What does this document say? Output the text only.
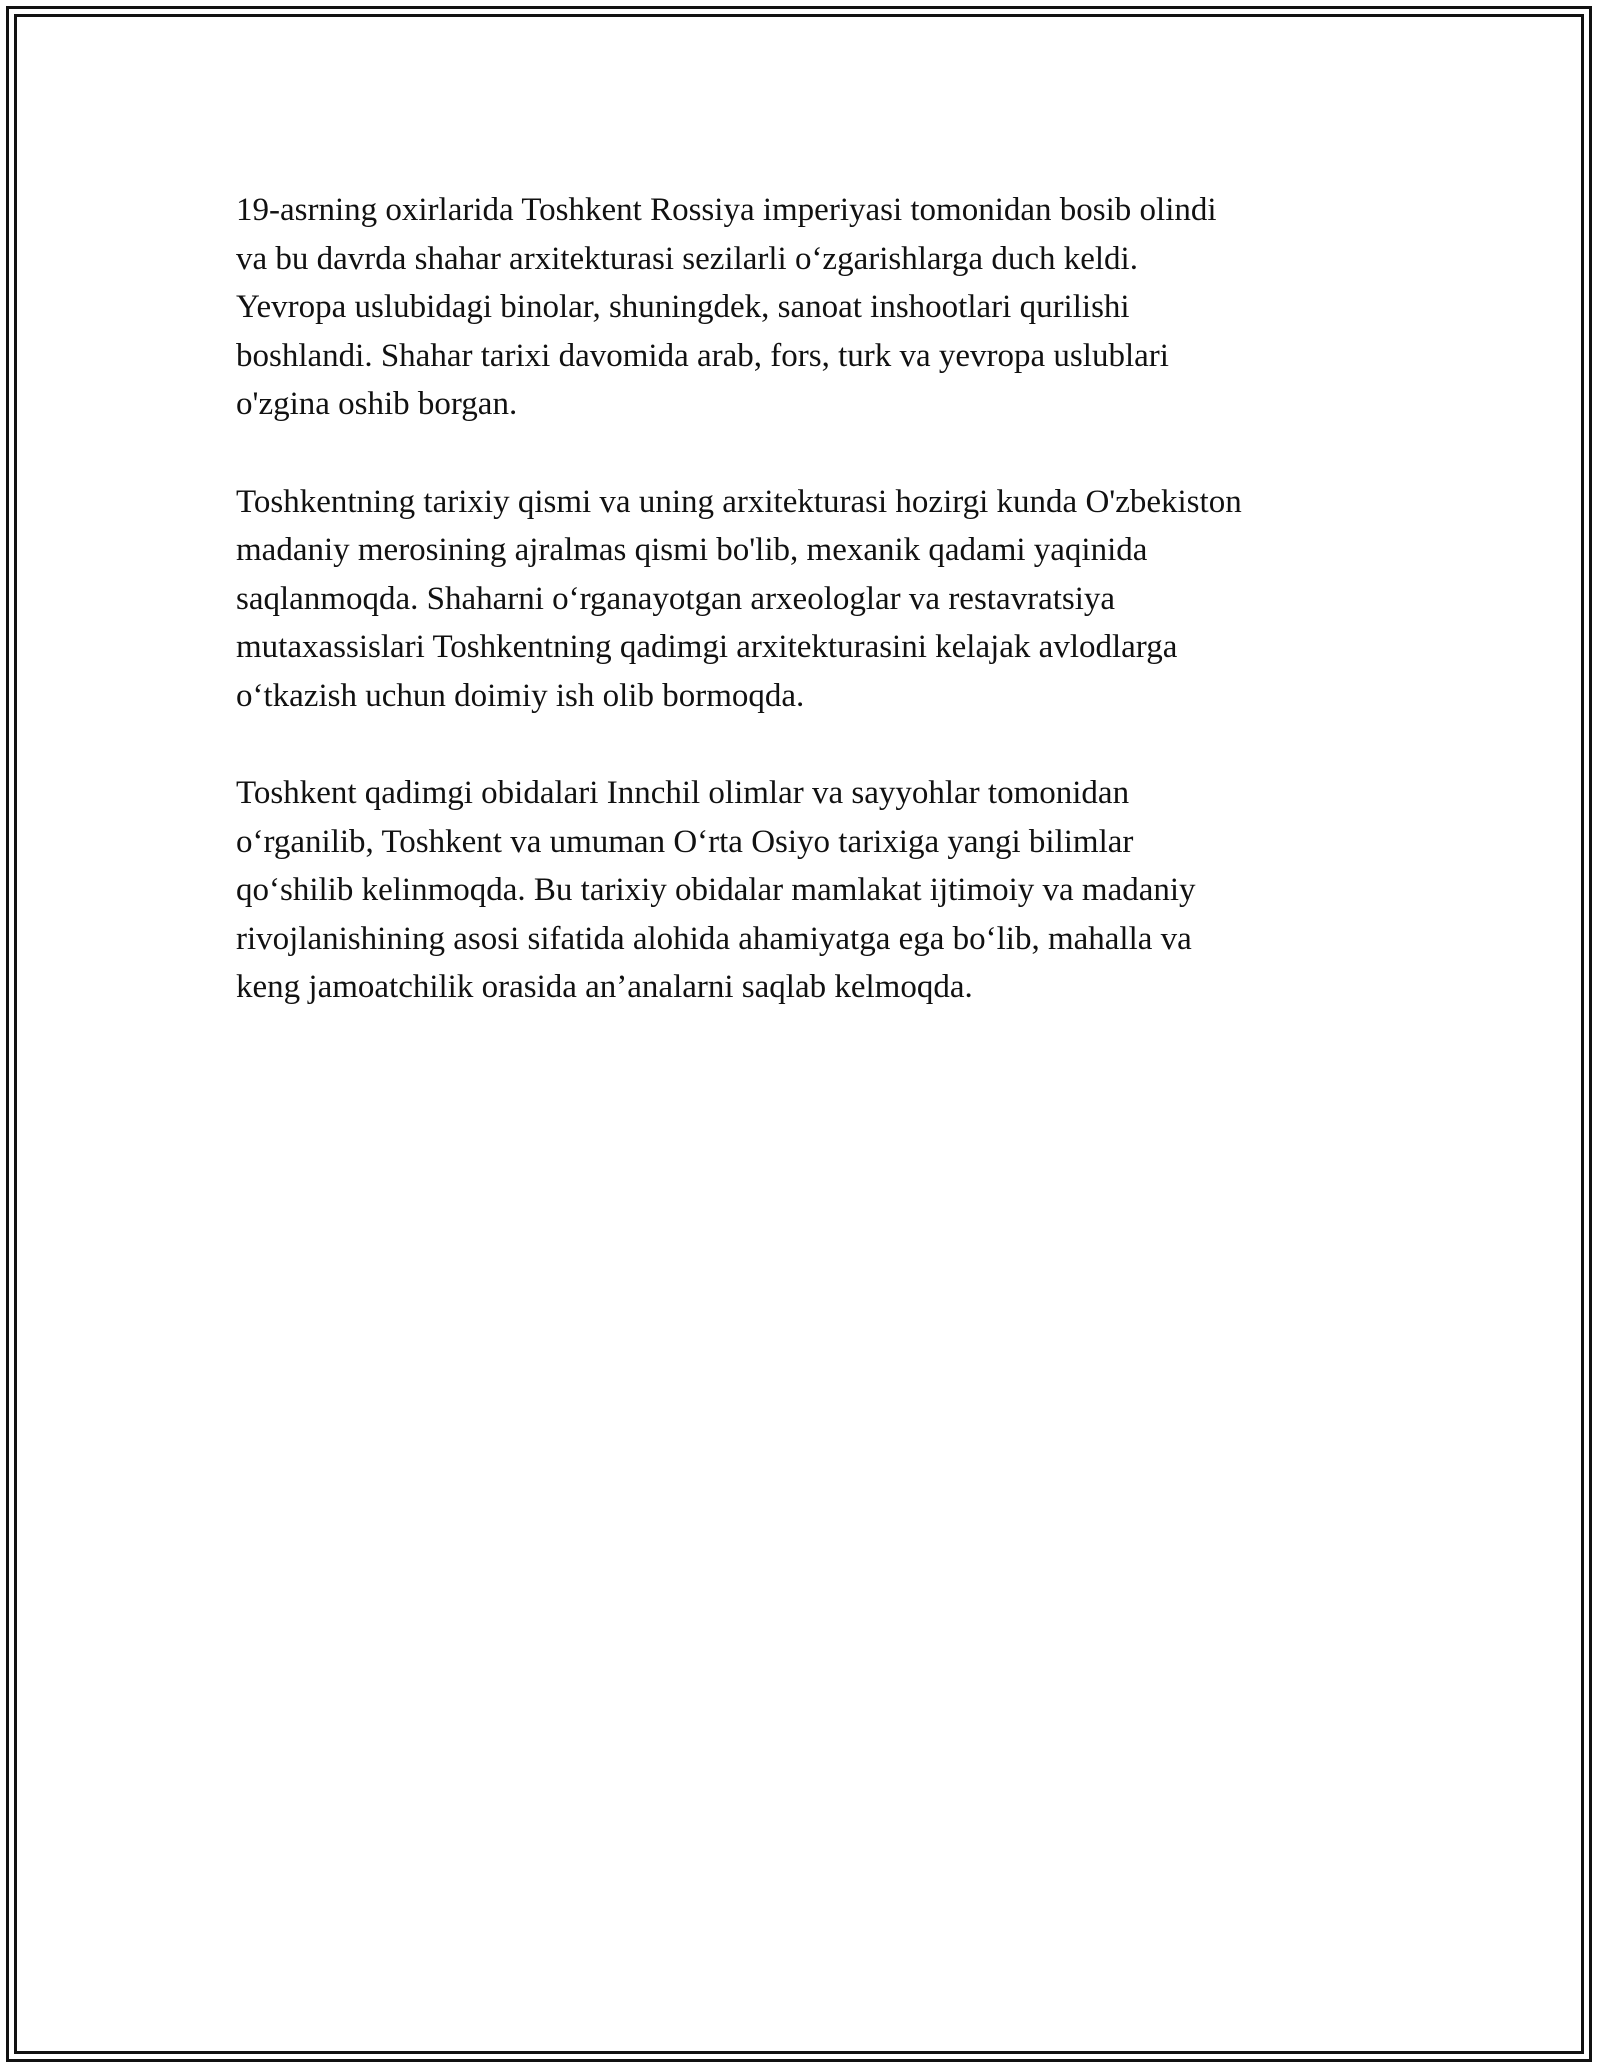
19-asrning oxirlarida Toshkent Rossiya imperiyasi tomonidan bosib olindi
va bu davrda shahar arxitekturasi sezilarli o‘zgarishlarga duch keldi.
Yevropa uslubidagi binolar, shuningdek, sanoat inshootlari qurilishi
boshlandi. Shahar tarixi davomida arab, fors, turk va yevropa uslublari
o'zgina oshib borgan.

Toshkentning tarixiy qismi va uning arxitekturasi hozirgi kunda O'zbekiston
madaniy merosining ajralmas qismi bo'lib, mexanik qadami yaqinida
saqlanmoqda. Shaharni o‘rganayotgan arxeologlar va restavratsiya
mutaxassislari Toshkentning qadimgi arxitekturasini kelajak avlodlarga
o‘tkazish uchun doimiy ish olib bormoqda.

Toshkent qadimgi obidalari Innchil olimlar va sayyohlar tomonidan
o‘rganilib, Toshkent va umuman O‘rta Osiyo tarixiga yangi bilimlar
qo‘shilib kelinmoqda. Bu tarixiy obidalar mamlakat ijtimoiy va madaniy
rivojlanishining asosi sifatida alohida ahamiyatga ega bo‘lib, mahalla va
keng jamoatchilik orasida an’analarni saqlab kelmoqda.
